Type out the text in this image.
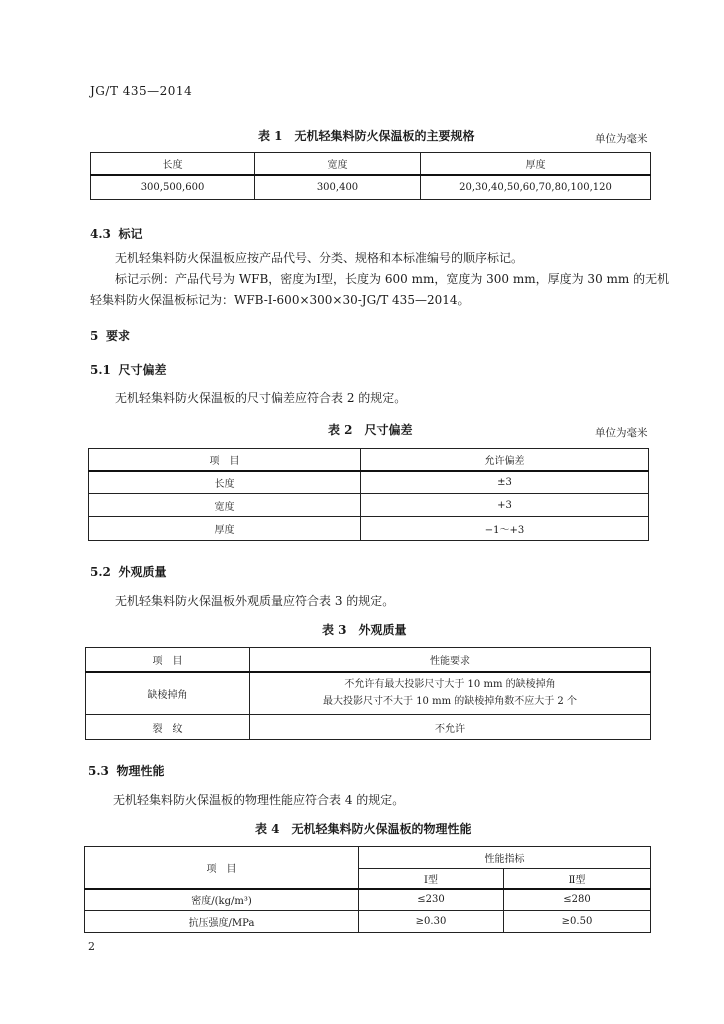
JG/T 435—2014
表 1　无机轻集料防火保温板的主要规格	单位为毫米
长度	宽度	厚度
300,500,600	300,400	20,30,40,50,60,70,80,100,120
4.3 标记
无机轻集料防火保温板应按产品代号、分类、规格和本标准编号的顺序标记。
标记示例：产品代号为 WFB，密度为Ⅰ型，长度为 600 mm，宽度为 300 mm，厚度为 30 mm 的无机
轻集料防火保温板标记为：WFB-Ⅰ-600×300×30-JG/T 435—2014。
5 要求
5.1 尺寸偏差
无机轻集料防火保温板的尺寸偏差应符合表 2 的规定。
表 2　尺寸偏差	单位为毫米
项　目	允许偏差
长度	±3
宽度	+3
厚度	−1～+3
5.2 外观质量
无机轻集料防火保温板外观质量应符合表 3 的规定。
表 3　外观质量
项　目	性能要求
缺棱掉角	不允许有最大投影尺寸大于 10 mm 的缺棱掉角
最大投影尺寸不大于 10 mm 的缺棱掉角数不应大于 2 个

裂　纹	不允许
5.3 物理性能
无机轻集料防火保温板的物理性能应符合表 4 的规定。
表 4　无机轻集料防火保温板的物理性能
项　目	性能指标	
	Ⅰ型	Ⅱ型
密度/(kg/m³)	≤230	≤280
抗压强度/MPa	≥0.30	≥0.50
2
